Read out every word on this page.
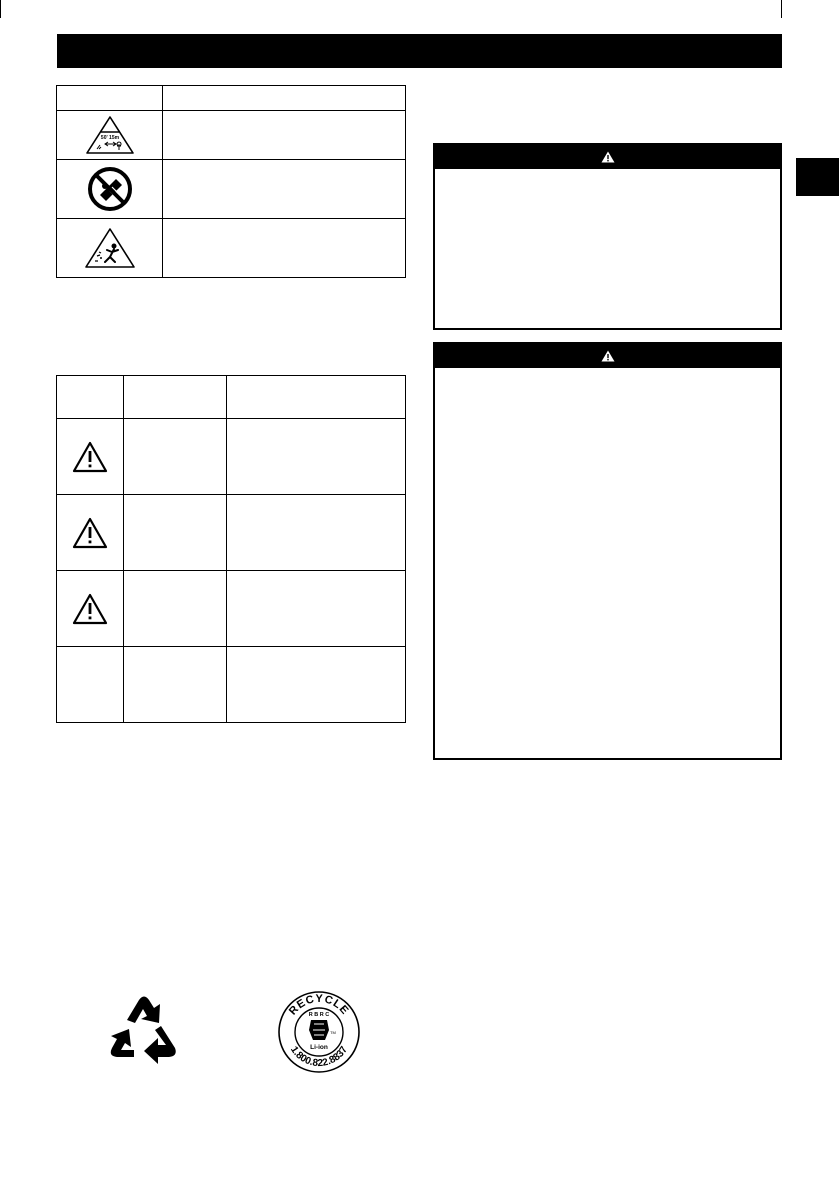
50' 15m	

RECYCLE
1.800.822.8837
R B R C
TM
Li-ion
